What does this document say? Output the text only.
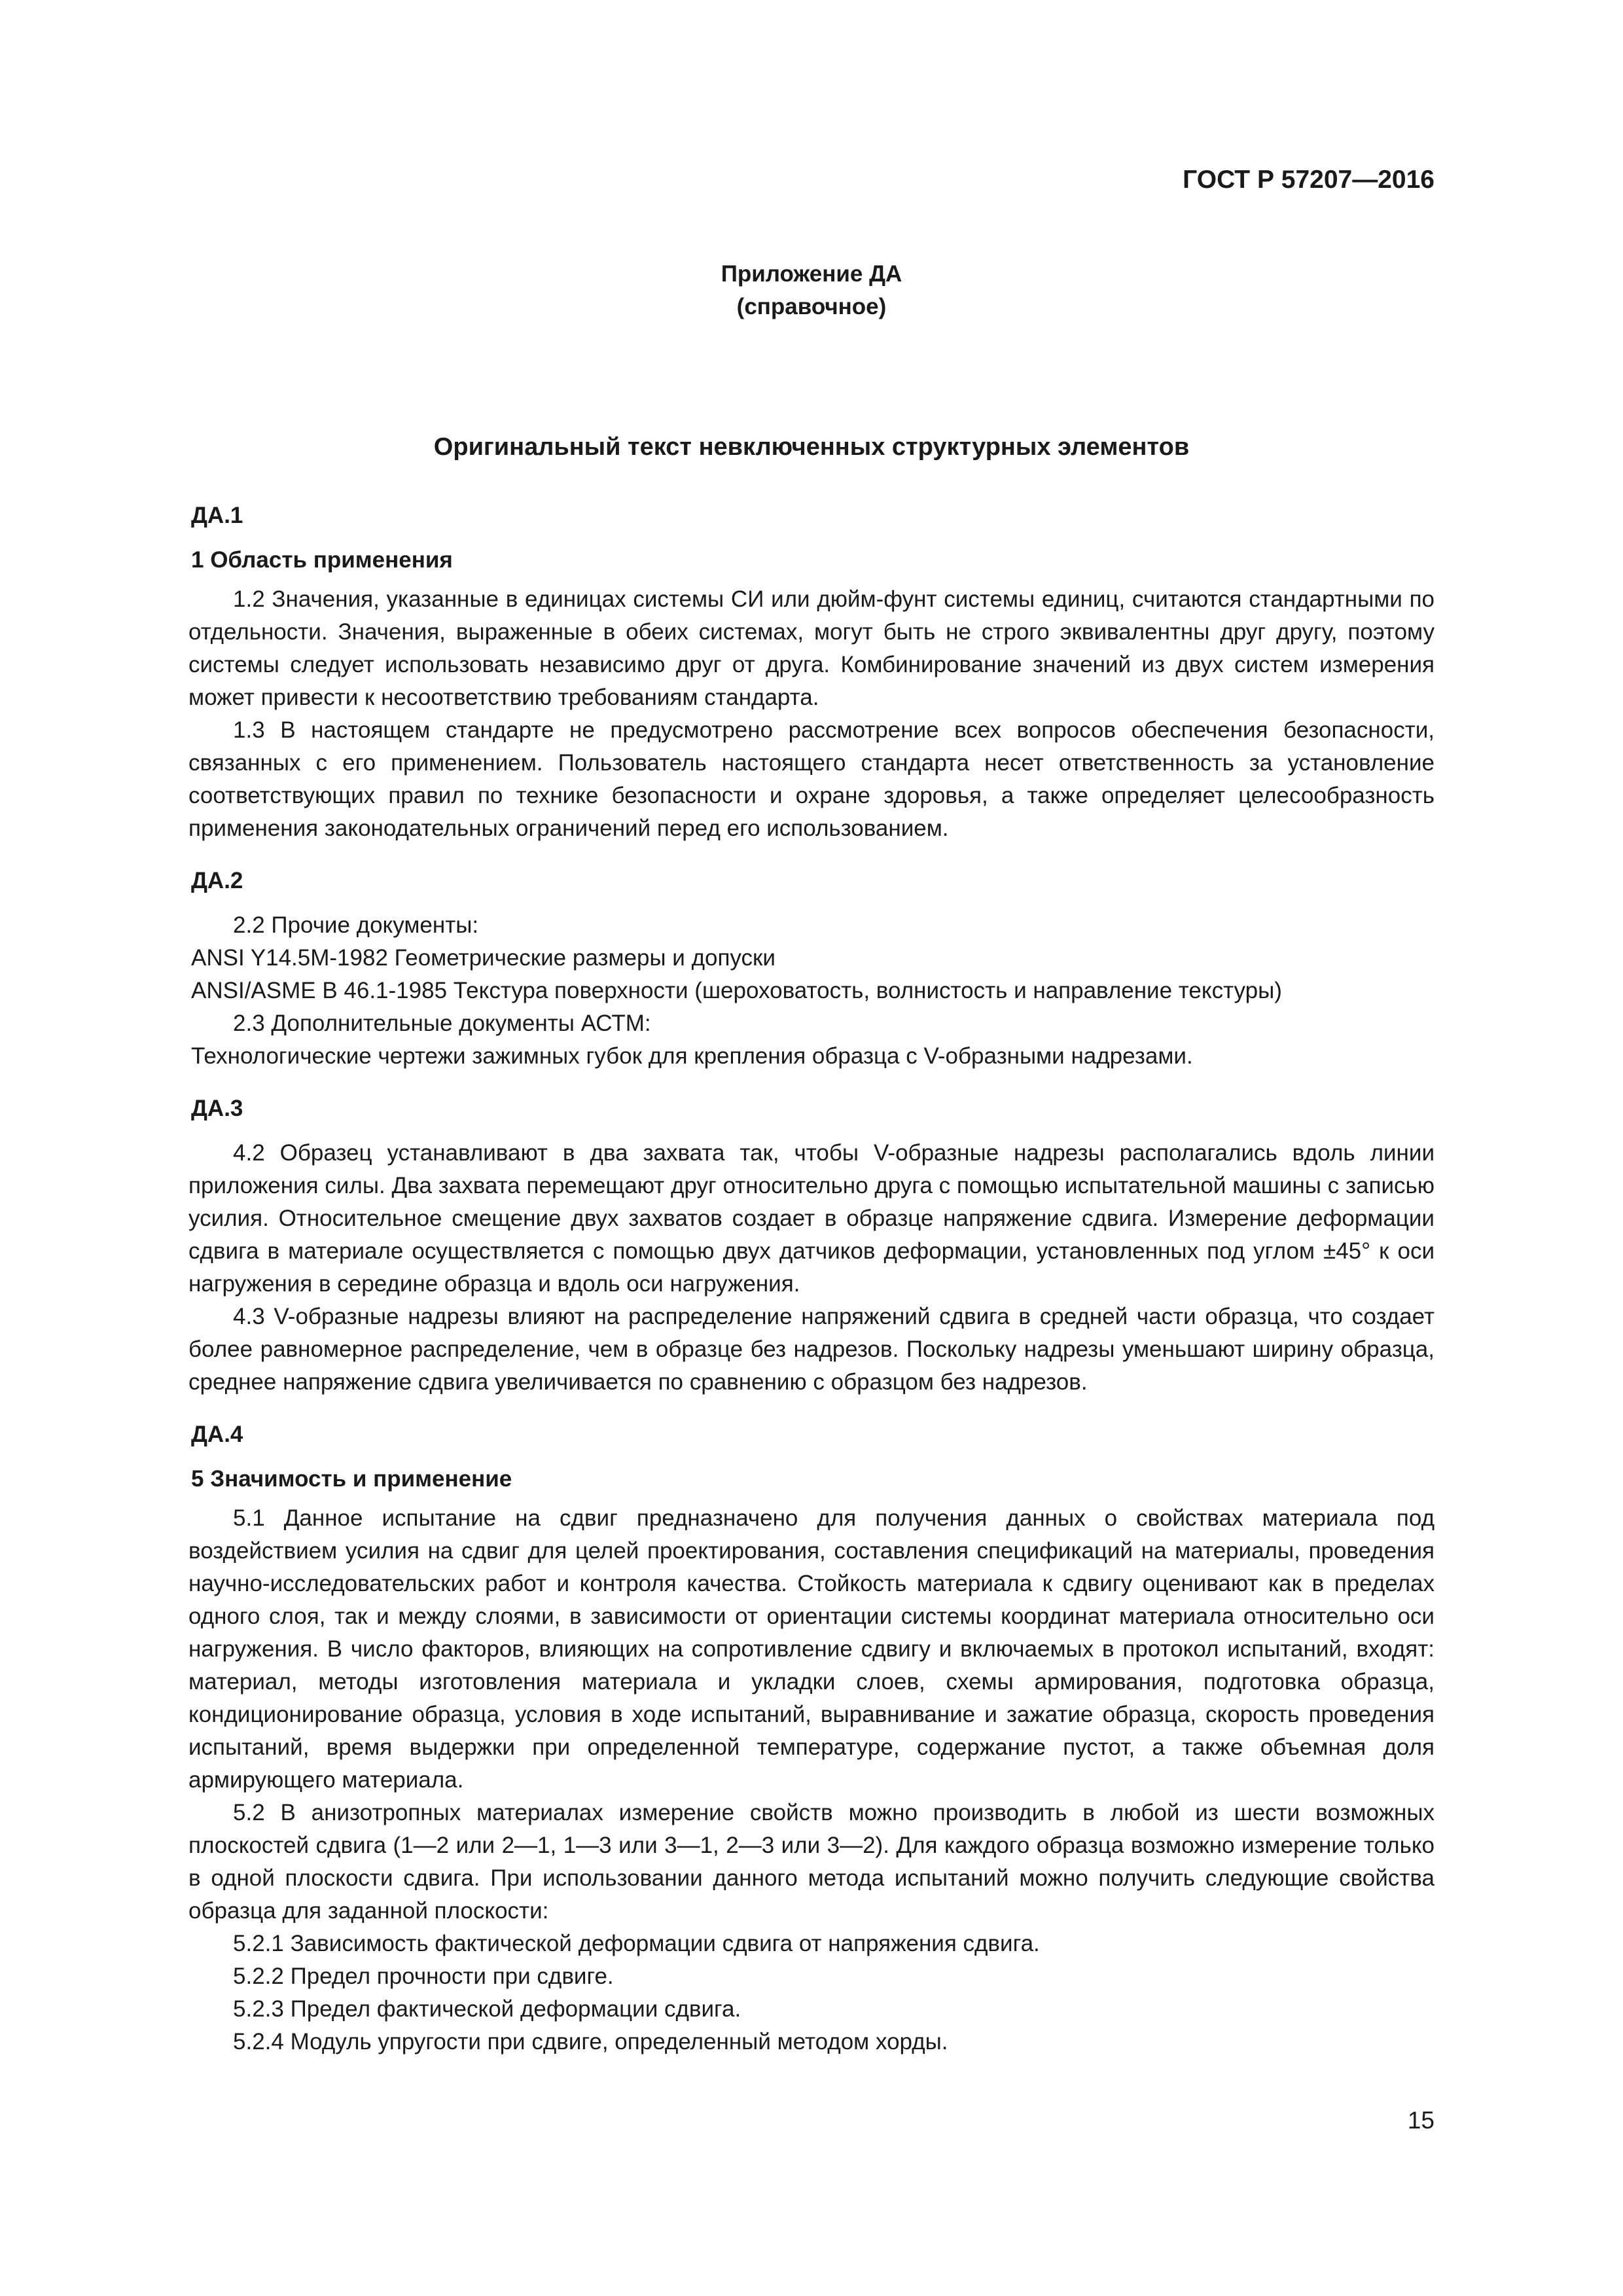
ГОСТ Р 57207—2016
Приложение ДА
(справочное)
Оригинальный текст невключенных структурных элементов
ДА.1
1 Область применения

1.2 Значения, указанные в единицах системы СИ или дюйм-фунт системы единиц, считаются стандартными по отдельности. Значения, выраженные в обеих системах, могут быть не строго эквивалентны друг другу, поэтому системы следует использовать независимо друг от друга. Комбинирование значений из двух систем измерения может привести к несоответствию требованиям стандарта.

1.3 В настоящем стандарте не предусмотрено рассмотрение всех вопросов обеспечения безопасности, связанных с его применением. Пользователь настоящего стандарта несет ответственность за установление соответствующих правил по технике безопасности и охране здоровья, а также определяет целесообразность применения законодательных ограничений перед его использованием.

ДА.2

2.2 Прочие документы:

ANSI Y14.5M-1982 Геометрические размеры и допуски

ANSI/ASME B 46.1-1985 Текстура поверхности (шероховатость, волнистость и направление текстуры)

2.3 Дополнительные документы АСТМ:

Технологические чертежи зажимных губок для крепления образца с V-образными надрезами.

ДА.3

4.2 Образец устанавливают в два захвата так, чтобы V-образные надрезы располагались вдоль линии приложения силы. Два захвата перемещают друг относительно друга с помощью испытательной машины с записью усилия. Относительное смещение двух захватов создает в образце напряжение сдвига. Измерение деформации сдвига в материале осуществляется с помощью двух датчиков деформации, установленных под углом ±45° к оси нагружения в середине образца и вдоль оси нагружения.

4.3 V-образные надрезы влияют на распределение напряжений сдвига в средней части образца, что создает более равномерное распределение, чем в образце без надрезов. Поскольку надрезы уменьшают ширину образца, среднее напряжение сдвига увеличивается по сравнению с образцом без надрезов.

ДА.4
5 Значимость и применение

5.1 Данное испытание на сдвиг предназначено для получения данных о свойствах материала под воздействием усилия на сдвиг для целей проектирования, составления спецификаций на материалы, проведения научно-исследовательских работ и контроля качества. Стойкость материала к сдвигу оценивают как в пределах одного слоя, так и между слоями, в зависимости от ориентации системы координат материала относительно оси нагружения. В число факторов, влияющих на сопротивление сдвигу и включаемых в протокол испытаний, входят: материал, методы изготовления материала и укладки слоев, схемы армирования, подготовка образца, кондиционирование образца, условия в ходе испытаний, выравнивание и зажатие образца, скорость проведения испытаний, время выдержки при определенной температуре, содержание пустот, а также объемная доля армирующего материала.

5.2 В анизотропных материалах измерение свойств можно производить в любой из шести возможных плоскостей сдвига (1—2 или 2—1, 1—3 или 3—1, 2—3 или 3—2). Для каждого образца возможно измерение только в одной плоскости сдвига. При использовании данного метода испытаний можно получить следующие свойства образца для заданной плоскости:

5.2.1 Зависимость фактической деформации сдвига от напряжения сдвига.

5.2.2 Предел прочности при сдвиге.

5.2.3 Предел фактической деформации сдвига.

5.2.4 Модуль упругости при сдвиге, определенный методом хорды.

15
